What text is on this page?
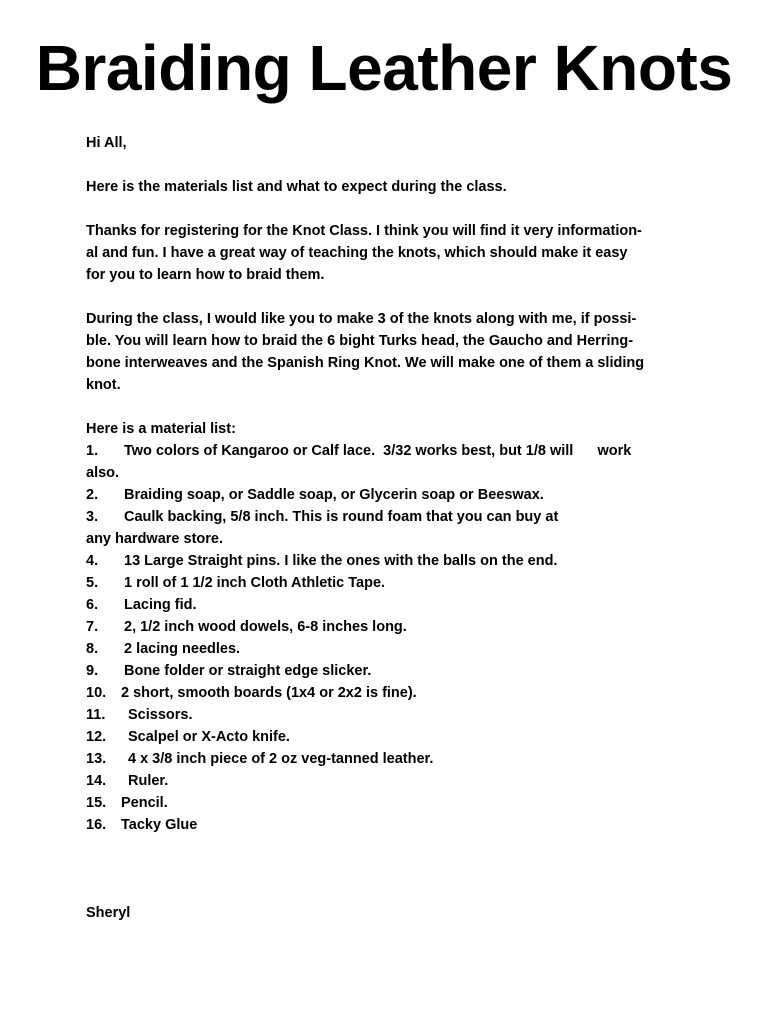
Braiding Leather Knots

Hi All,

Here is the materials list and what to expect during the class.

Thanks for registering for the Knot Class. I think you will find it very information-
al and fun. I have a great way of teaching the knots, which should make it easy
for you to learn how to braid them.
During the class, I would like you to make 3 of the knots along with me, if possi-
ble. You will learn how to braid the 6 bight Turks head, the Gaucho and Herring-
bone interweaves and the Spanish Ring Knot. We will make one of them a sliding
knot.
Here is a material list:
1.	Two colors of Kangaroo or Calf lace.  3/32 works best, but 1/8 will      work
also.
2.	Braiding soap, or Saddle soap, or Glycerin soap or Beeswax.
3.	Caulk backing, 5/8 inch. This is round foam that you can buy at
any hardware store.
4.	13 Large Straight pins. I like the ones with the balls on the end.
5.	1 roll of 1 1/2 inch Cloth Athletic Tape.
6.	Lacing fid.
7.	2, 1/2 inch wood dowels, 6-8 inches long.
8.	2 lacing needles.
9.	Bone folder or straight edge slicker.
10.	2 short, smooth boards (1x4 or 2x2 is fine).
11.	Scissors.
12.	Scalpel or X-Acto knife.
13.	4 x 3/8 inch piece of 2 oz veg-tanned leather.
14.	Ruler.
15.	Pencil.
16.	Tacky Glue
Sheryl
